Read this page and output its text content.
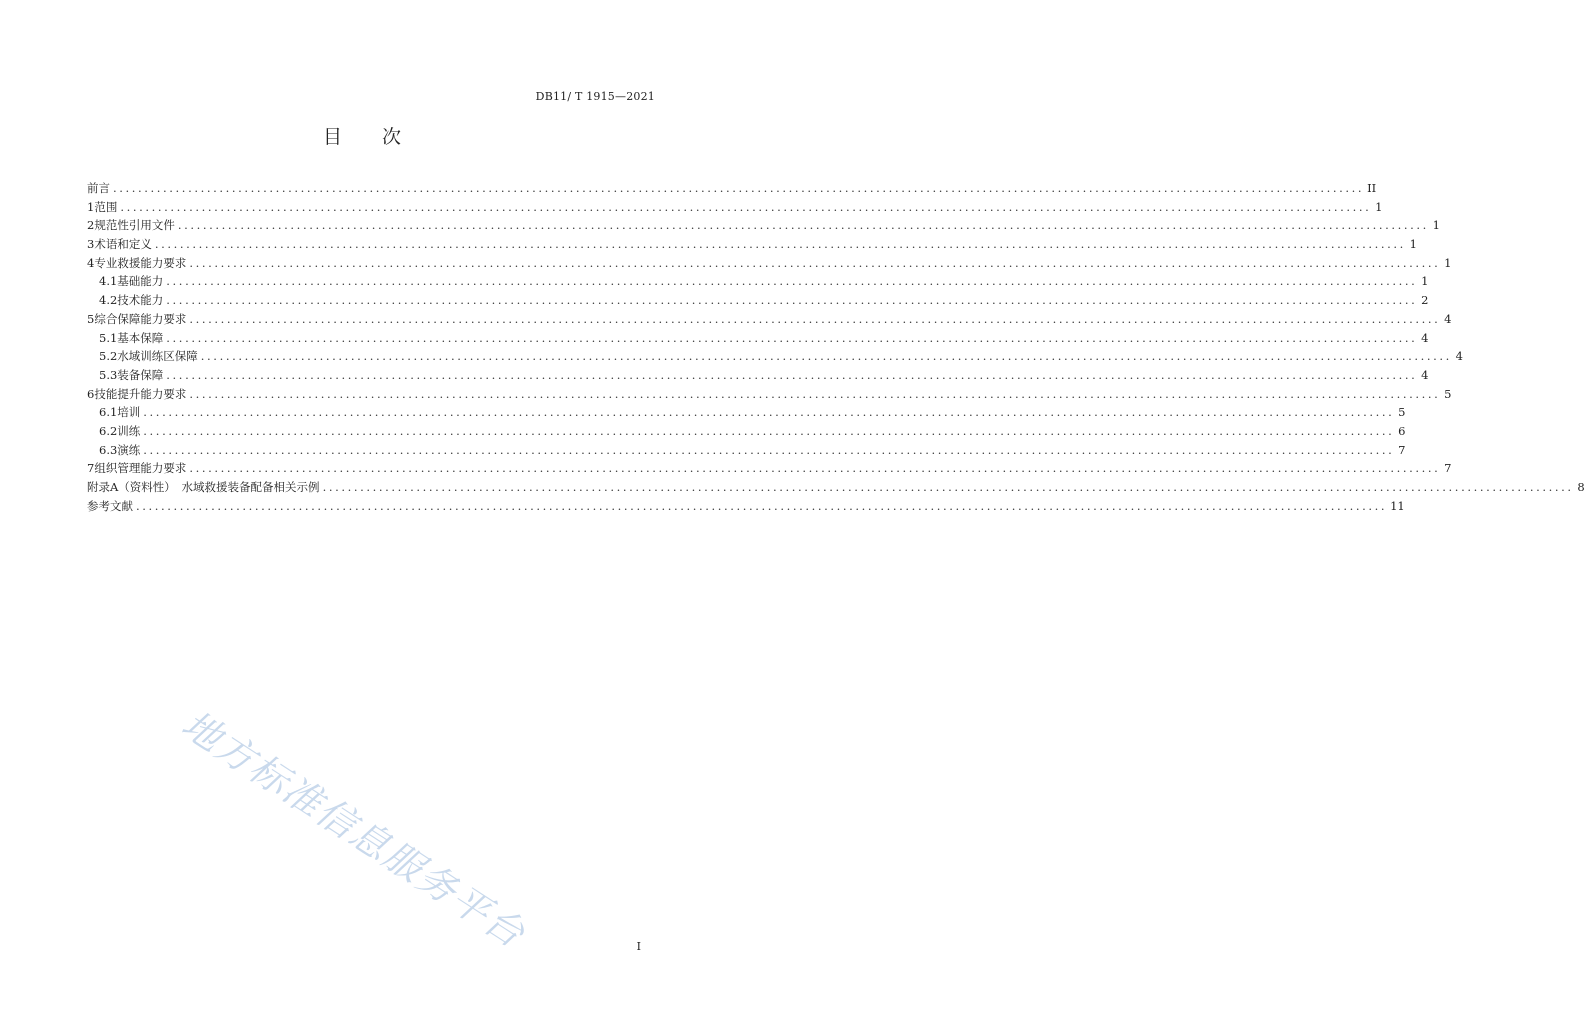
DB11/ T 1915—2021
目 次
前言 ........................................................................................................................................................................................................ II
1 范围 ........................................................................................................................................................................................................ 1
2 规范性引用文件 ........................................................................................................................................................................................................ 1
3 术语和定义 ........................................................................................................................................................................................................ 1
4 专业救援能力要求 ........................................................................................................................................................................................................ 1
4.1 基础能力 ........................................................................................................................................................................................................ 1
4.2 技术能力 ........................................................................................................................................................................................................ 2
5 综合保障能力要求 ........................................................................................................................................................................................................ 4
5.1 基本保障 ........................................................................................................................................................................................................ 4
5.2 水域训练区保障 ........................................................................................................................................................................................................ 4
5.3 装备保障 ........................................................................................................................................................................................................ 4
6 技能提升能力要求 ........................................................................................................................................................................................................ 5
6.1 培训 ........................................................................................................................................................................................................ 5
6.2 训练 ........................................................................................................................................................................................................ 6
6.3 演练 ........................................................................................................................................................................................................ 7
7 组织管理能力要求 ........................................................................................................................................................................................................ 7
附录A（资料性）　水域救援装备配备相关示例 ........................................................................................................................................................................................................ 8
参考文献 ........................................................................................................................................................................................................ 11
地方标准信息服务平台	I
